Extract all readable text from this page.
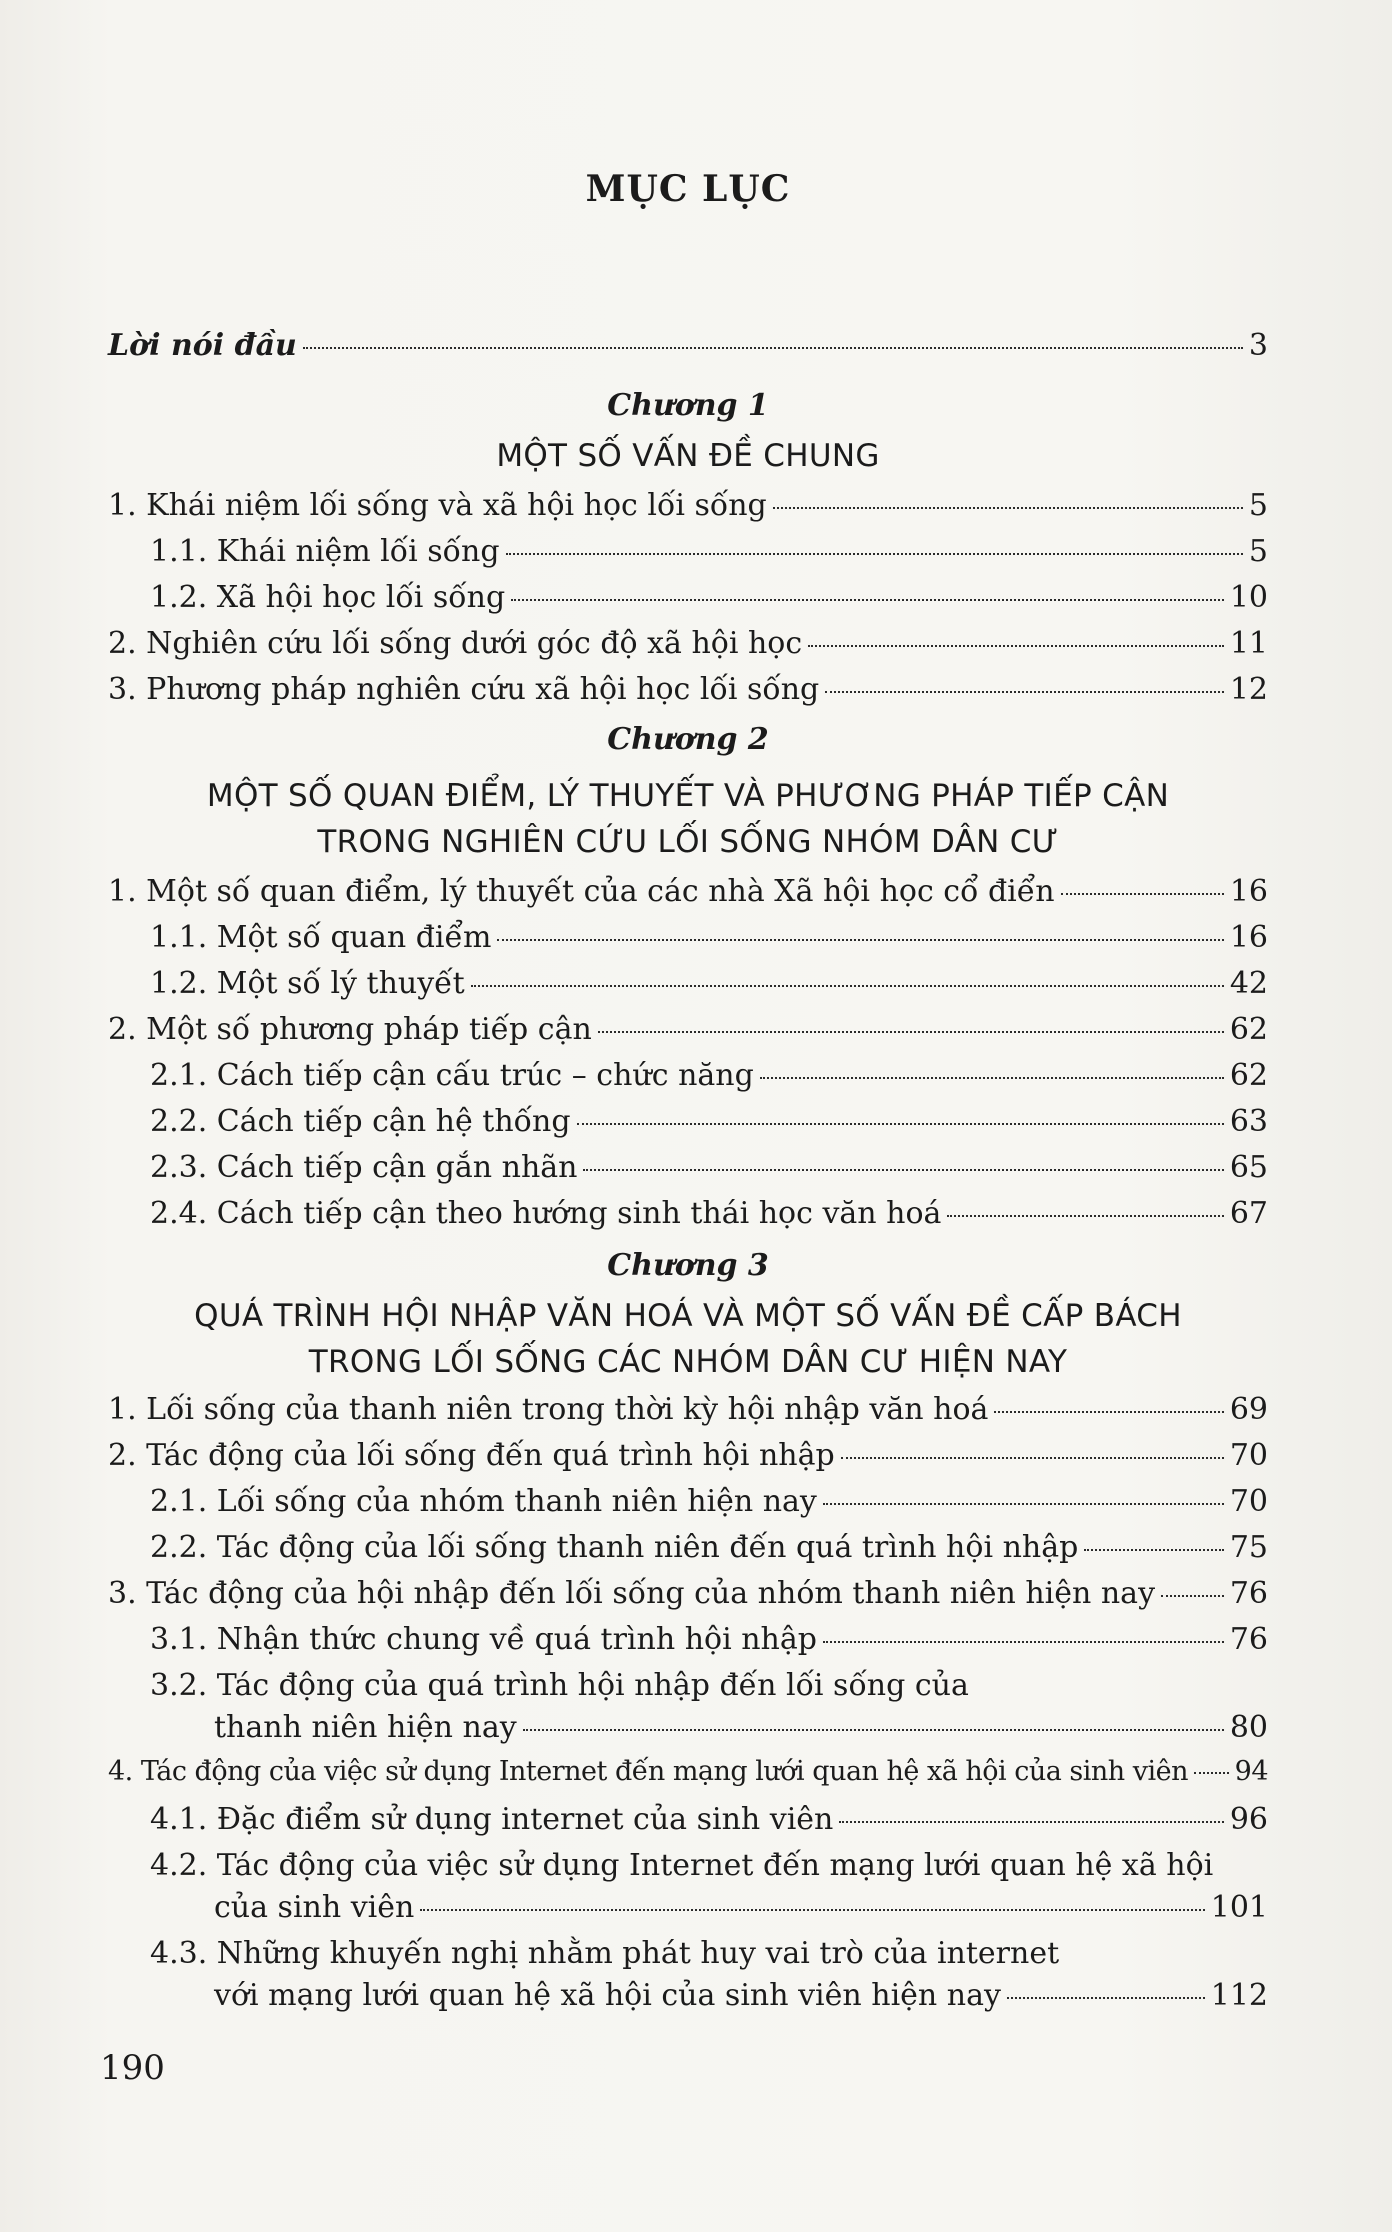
MỤC LỤC
Lời nói đầu	3
Chương 1
MỘT SỐ VẤN ĐỀ CHUNG
1. Khái niệm lối sống và xã hội học lối sống	5
1.1. Khái niệm lối sống	5
1.2. Xã hội học lối sống	10
2. Nghiên cứu lối sống dưới góc độ xã hội học	11
3. Phương pháp nghiên cứu xã hội học lối sống	12
Chương 2
MỘT SỐ QUAN ĐIỂM, LÝ THUYẾT VÀ PHƯƠNG PHÁP TIẾP CẬN
TRONG NGHIÊN CỨU LỐI SỐNG NHÓM DÂN CƯ
1. Một số quan điểm, lý thuyết của các nhà Xã hội học cổ điển	16
1.1. Một số quan điểm	16
1.2. Một số lý thuyết	42
2. Một số phương pháp tiếp cận	62
2.1. Cách tiếp cận cấu trúc – chức năng	62
2.2. Cách tiếp cận hệ thống	63
2.3. Cách tiếp cận gắn nhãn	65
2.4. Cách tiếp cận theo hướng sinh thái học văn hoá	67
Chương 3
QUÁ TRÌNH HỘI NHẬP VĂN HOÁ VÀ MỘT SỐ VẤN ĐỀ CẤP BÁCH
TRONG LỐI SỐNG CÁC NHÓM DÂN CƯ HIỆN NAY
1. Lối sống của thanh niên trong thời kỳ hội nhập văn hoá	69
2. Tác động của lối sống đến quá trình hội nhập	70
2.1. Lối sống của nhóm thanh niên hiện nay	70
2.2. Tác động của lối sống thanh niên đến quá trình hội nhập	75
3. Tác động của hội nhập đến lối sống của nhóm thanh niên hiện nay 76
3.1. Nhận thức chung về quá trình hội nhập	76
3.2. Tác động của quá trình hội nhập đến lối sống của
thanh niên hiện nay	80
4. Tác động của việc sử dụng Internet đến mạng lưới quan hệ xã hội của sinh viên 94
4.1. Đặc điểm sử dụng internet của sinh viên	96
4.2. Tác động của việc sử dụng Internet đến mạng lưới quan hệ xã hội
của sinh viên	101
4.3. Những khuyến nghị nhằm phát huy vai trò của internet
với mạng lưới quan hệ xã hội của sinh viên hiện nay	112
190
